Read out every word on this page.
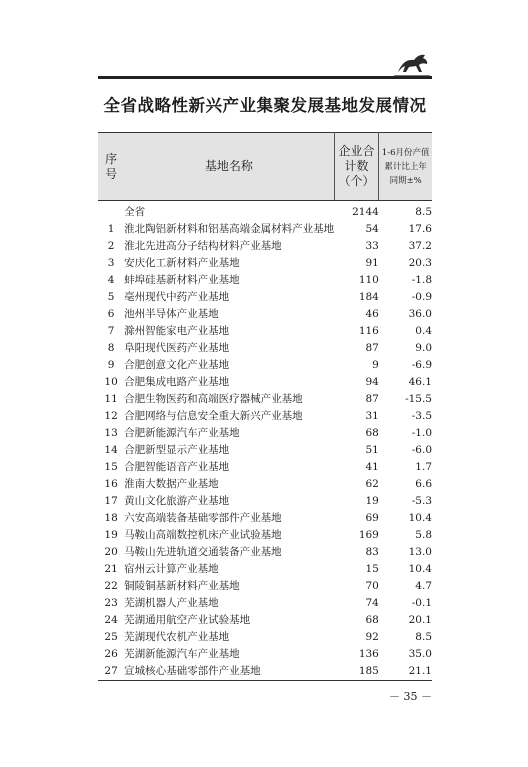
全省战略性新兴产业集聚发展基地发展情况
序号	基地名称	企业合计数（个）	1-6月份产值累计比上年同期±%

	全省	2144	8.5
1	淮北陶铝新材料和铝基高端金属材料产业基地	54	17.6
2	淮北先进高分子结构材料产业基地	33	37.2
3	安庆化工新材料产业基地	91	20.3
4	蚌埠硅基新材料产业基地	110	-1.8
5	亳州现代中药产业基地	184	-0.9
6	池州半导体产业基地	46	36.0
7	滁州智能家电产业基地	116	0.4
8	阜阳现代医药产业基地	87	9.0
9	合肥创意文化产业基地	9	-6.9
10	合肥集成电路产业基地	94	46.1
11	合肥生物医药和高端医疗器械产业基地	87	-15.5
12	合肥网络与信息安全重大新兴产业基地	31	-3.5
13	合肥新能源汽车产业基地	68	-1.0
14	合肥新型显示产业基地	51	-6.0
15	合肥智能语音产业基地	41	1.7
16	淮南大数据产业基地	62	6.6
17	黄山文化旅游产业基地	19	-5.3
18	六安高端装备基础零部件产业基地	69	10.4
19	马鞍山高端数控机床产业试验基地	169	5.8
20	马鞍山先进轨道交通装备产业基地	83	13.0
21	宿州云计算产业基地	15	10.4
22	铜陵铜基新材料产业基地	70	4.7
23	芜湖机器人产业基地	74	-0.1
24	芜湖通用航空产业试验基地	68	20.1
25	芜湖现代农机产业基地	92	8.5
26	芜湖新能源汽车产业基地	136	35.0
27	宣城核心基础零部件产业基地	185	21.1
－ 35 －
